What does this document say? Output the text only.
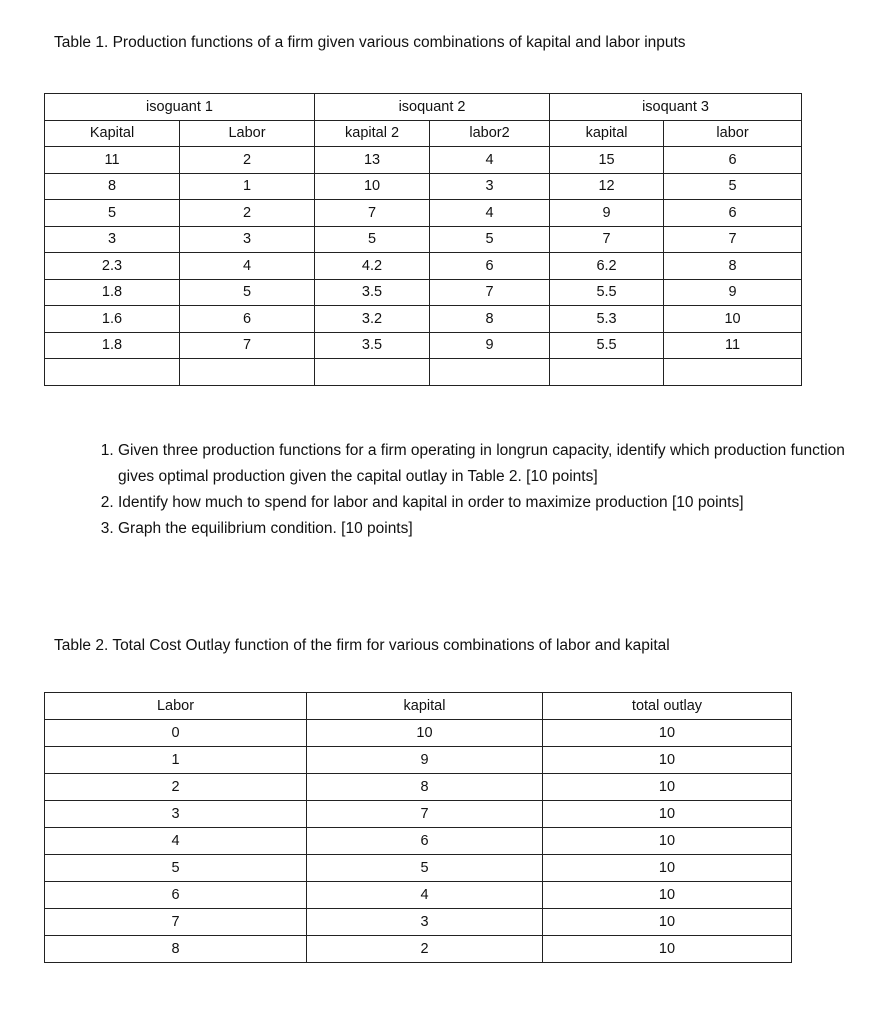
Table 1. Production functions of a firm given various combinations of kapital and labor inputs
isoguant 1		isoquant 2		isoquant 3	
Kapital	Labor	kapital 2	labor2	kapital	labor
11	2	13	4	15	6
8	1	10	3	12	5
5	2	7	4	9	6
3	3	5	5	7	7
2.3	4	4.2	6	6.2	8
1.8	5	3.5	7	5.5	9
1.6	6	3.2	8	5.3	10
1.8	7	3.5	9	5.5	11

1. Given three production functions for a firm operating in longrun capacity, identify which production function gives optimal production given the capital outlay in Table 2. [10 points]
2. Identify how much to spend for labor and kapital in order to maximize production [10 points]
3. Graph the equilibrium condition. [10 points]
Table 2. Total Cost Outlay function of the firm for various combinations of labor and kapital
Labor	kapital	total outlay
0	10	10
1	9	10
2	8	10
3	7	10
4	6	10
5	5	10
6	4	10
7	3	10
8	2	10
